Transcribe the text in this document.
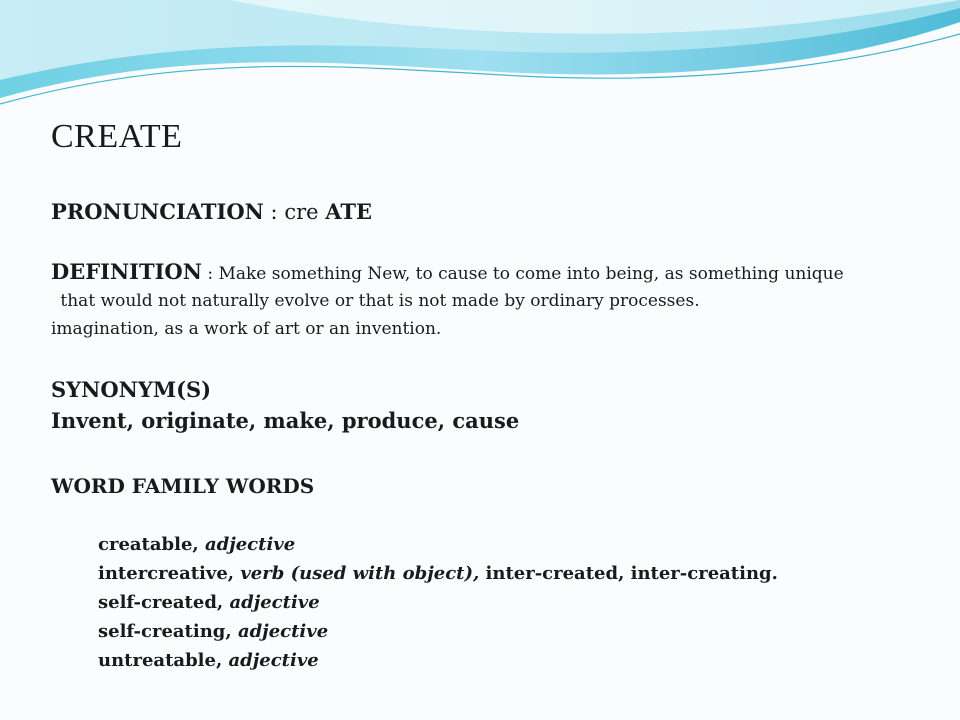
CREATE
PRONUNCIATION : cre ATE
DEFINITION : Make something New, to cause to come into being, as something unique
that would not naturally evolve or that is not made by ordinary processes.
imagination, as a work of art or an invention.
SYNONYM(S)
Invent, originate, make, produce, cause
WORD FAMILY WORDS
creatable, adjective
intercreative, verb (used with object), inter-created, inter-creating.
self-created, adjective
self-creating, adjective
untreatable, adjective
